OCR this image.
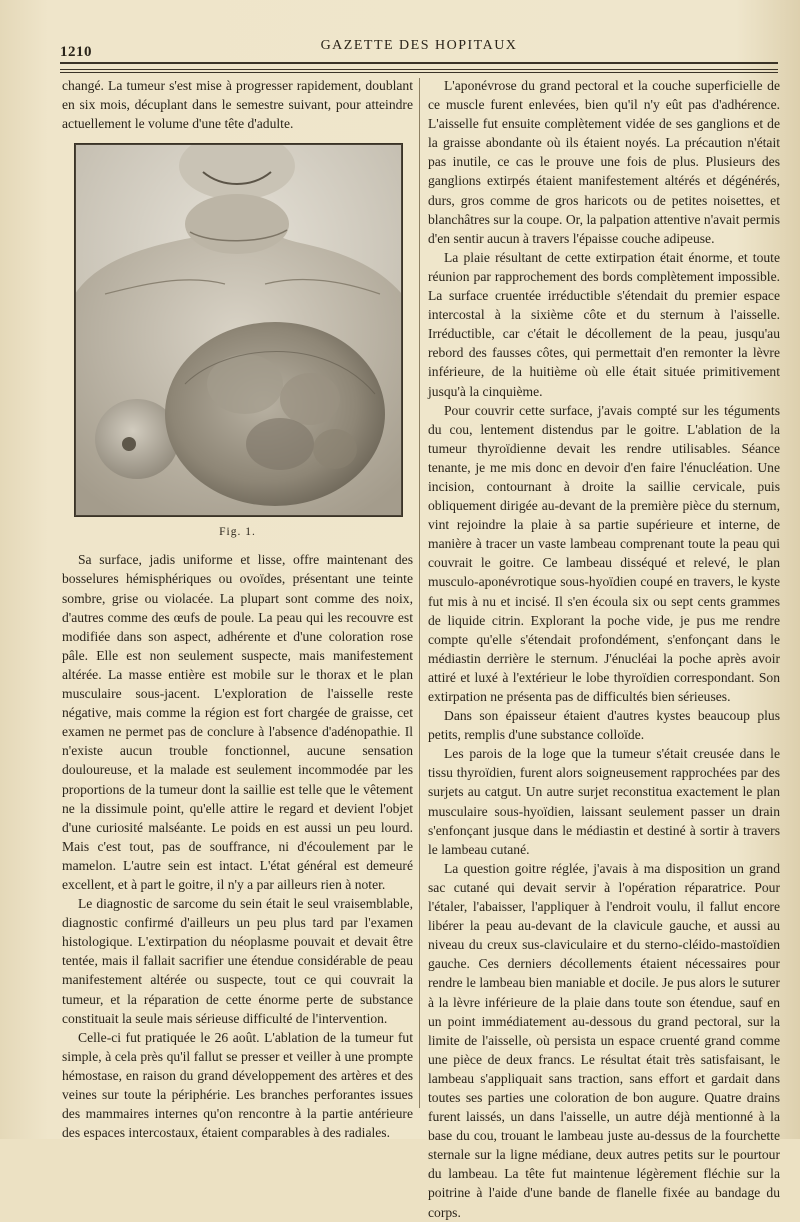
1210	GAZETTE DES HOPITAUX

changé. La tumeur s'est mise à progresser rapidement, doublant en six mois, décuplant dans le semestre suivant, pour atteindre actuellement le volume d'une tête d'adulte.

Fig. 1.

Sa surface, jadis uniforme et lisse, offre maintenant des bosselures hémisphériques ou ovoïdes, présentant une teinte sombre, grise ou violacée. La plupart sont comme des noix, d'autres comme des œufs de poule. La peau qui les recouvre est modifiée dans son aspect, adhérente et d'une coloration rose pâle. Elle est non seulement suspecte, mais manifestement altérée. La masse entière est mobile sur le thorax et le plan musculaire sous-jacent. L'exploration de l'aisselle reste négative, mais comme la région est fort chargée de graisse, cet examen ne permet pas de conclure à l'absence d'adénopathie. Il n'existe aucun trouble fonctionnel, aucune sensation douloureuse, et la malade est seulement incommodée par les proportions de la tumeur dont la saillie est telle que le vêtement ne la dissimule point, qu'elle attire le regard et devient l'objet d'une curiosité malséante. Le poids en est aussi un peu lourd. Mais c'est tout, pas de souffrance, ni d'écoulement par le mamelon. L'autre sein est intact. L'état général est demeuré excellent, et à part le goitre, il n'y a par ailleurs rien à noter.

Le diagnostic de sarcome du sein était le seul vraisemblable, diagnostic confirmé d'ailleurs un peu plus tard par l'examen histologique. L'extirpation du néoplasme pouvait et devait être tentée, mais il fallait sacrifier une étendue considérable de peau manifestement altérée ou suspecte, tout ce qui couvrait la tumeur, et la réparation de cette énorme perte de substance constituait la seule mais sérieuse difficulté de l'intervention.

Celle-ci fut pratiquée le 26 août. L'ablation de la tumeur fut simple, à cela près qu'il fallut se presser et veiller à une prompte hémostase, en raison du grand développement des artères et des veines sur toute la périphérie. Les branches perforantes issues des mammaires internes qu'on rencontre à la partie antérieure des espaces intercostaux, étaient comparables à des radiales.

L'aponévrose du grand pectoral et la couche superficielle de ce muscle furent enlevées, bien qu'il n'y eût pas d'adhérence. L'aisselle fut ensuite complètement vidée de ses ganglions et de la graisse abondante où ils étaient noyés. La précaution n'était pas inutile, ce cas le prouve une fois de plus. Plusieurs des ganglions extirpés étaient manifestement altérés et dégénérés, durs, gros comme de gros haricots ou de petites noisettes, et blanchâtres sur la coupe. Or, la palpation attentive n'avait permis d'en sentir aucun à travers l'épaisse couche adipeuse.

La plaie résultant de cette extirpation était énorme, et toute réunion par rapprochement des bords complètement impossible. La surface cruentée irréductible s'étendait du premier espace intercostal à la sixième côte et du sternum à l'aisselle. Irréductible, car c'était le décollement de la peau, jusqu'au rebord des fausses côtes, qui permettait d'en remonter la lèvre inférieure, de la huitième où elle était située primitivement jusqu'à la cinquième.

Pour couvrir cette surface, j'avais compté sur les téguments du cou, lentement distendus par le goitre. L'ablation de la tumeur thyroïdienne devait les rendre utilisables. Séance tenante, je me mis donc en devoir d'en faire l'énucléation. Une incision, contournant à droite la saillie cervicale, puis obliquement dirigée au-devant de la première pièce du sternum, vint rejoindre la plaie à sa partie supérieure et interne, de manière à tracer un vaste lambeau comprenant toute la peau qui couvrait le goitre. Ce lambeau disséqué et relevé, le plan musculo-aponévrotique sous-hyoïdien coupé en travers, le kyste fut mis à nu et incisé. Il s'en écoula six ou sept cents grammes de liquide citrin. Explorant la poche vide, je pus me rendre compte qu'elle s'étendait profondément, s'enfonçant dans le médiastin derrière le sternum. J'énucléai la poche après avoir attiré et luxé à l'extérieur le lobe thyroïdien correspondant. Son extirpation ne présenta pas de difficultés bien sérieuses.

Dans son épaisseur étaient d'autres kystes beaucoup plus petits, remplis d'une substance colloïde.

Les parois de la loge que la tumeur s'était creusée dans le tissu thyroïdien, furent alors soigneusement rapprochées par des surjets au catgut. Un autre surjet reconstitua exactement le plan musculaire sous-hyoïdien, laissant seulement passer un drain s'enfonçant jusque dans le médiastin et destiné à sortir à travers le lambeau cutané.

La question goitre réglée, j'avais à ma disposition un grand sac cutané qui devait servir à l'opération réparatrice. Pour l'étaler, l'abaisser, l'appliquer à l'endroit voulu, il fallut encore libérer la peau au-devant de la clavicule gauche, et aussi au niveau du creux sus-claviculaire et du sterno-cléido-mastoïdien gauche. Ces derniers décollements étaient nécessaires pour rendre le lambeau bien maniable et docile. Je pus alors le suturer à la lèvre inférieure de la plaie dans toute son étendue, sauf en un point immédiatement au-dessous du grand pectoral, sur la limite de l'aisselle, où persista un espace cruenté grand comme une pièce de deux francs. Le résultat était très satisfaisant, le lambeau s'appliquait sans traction, sans effort et gardait dans toutes ses parties une coloration de bon augure. Quatre drains furent laissés, un dans l'aisselle, un autre déjà mentionné à la base du cou, trouant le lambeau juste au-dessus de la fourchette sternale sur la ligne médiane, deux autres petits sur le pourtour du lambeau. La tête fut maintenue légèrement fléchie sur la poitrine à l'aide d'une bande de flanelle fixée au bandage du corps.
